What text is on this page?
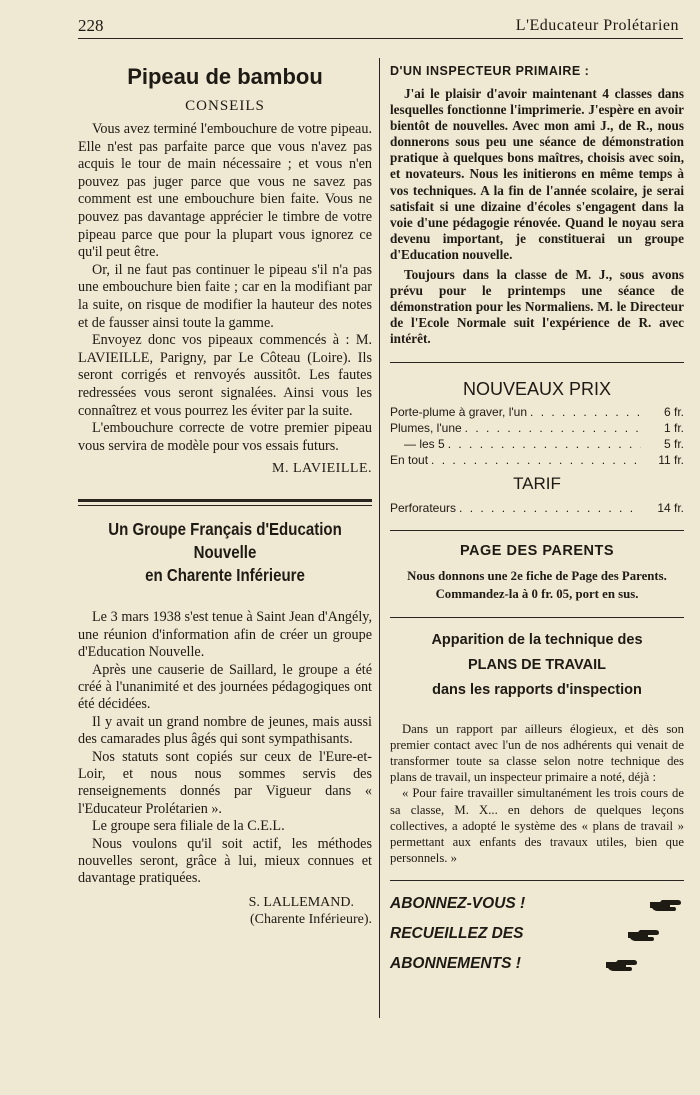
228	L'Educateur Prolétarien
Pipeau de bambou
CONSEILS

Vous avez terminé l'embouchure de votre pipeau. Elle n'est pas parfaite parce que vous n'avez pas acquis le tour de main nécessaire ; et vous n'en pouvez pas juger parce que vous ne savez pas comment est une embouchure bien faite. Vous ne pouvez pas davantage apprécier le timbre de votre pipeau parce que pour la plupart vous ignorez ce qu'il peut être.

Or, il ne faut pas continuer le pipeau s'il n'a pas une embouchure bien faite ; car en la modifiant par la suite, on risque de modifier la hauteur des notes et de fausser ainsi toute la gamme.

Envoyez donc vos pipeaux commencés à : M. LAVIEILLE, Parigny, par Le Côteau (Loire). Ils seront corrigés et renvoyés aussitôt. Les fautes redressées vous seront signalées. Ainsi vous les connaîtrez et vous pourrez les éviter par la suite.

L'embouchure correcte de votre premier pipeau vous servira de modèle pour vos essais futurs.

M. LAVIEILLE.
Un Groupe Français d'Education Nouvelle
en Charente Inférieure

Le 3 mars 1938 s'est tenue à Saint Jean d'Angély, une réunion d'information afin de créer un groupe d'Education Nouvelle.

Après une causerie de Saillard, le groupe a été créé à l'unanimité et des journées pédagogiques ont été décidées.

Il y avait un grand nombre de jeunes, mais aussi des camarades plus âgés qui sont sympathisants.

Nos statuts sont copiés sur ceux de l'Eure-et-Loir, et nous nous sommes servis des renseignements donnés par Vigueur dans « l'Educateur Prolétarien ».

Le groupe sera filiale de la C.E.L.

Nous voulons qu'il soit actif, les méthodes nouvelles seront, grâce à lui, mieux connues et davantage pratiquées.

S. LALLEMAND.
(Charente Inférieure).
D'UN INSPECTEUR PRIMAIRE :

J'ai le plaisir d'avoir maintenant 4 classes dans lesquelles fonctionne l'imprimerie. J'espère en avoir bientôt de nouvelles. Avec mon ami J., de R., nous donnerons sous peu une séance de démonstration pratique à quelques bons maîtres, choisis avec soin, et novateurs. Nous les initierons en même temps à vos techniques. A la fin de l'année scolaire, je serai satisfait si une dizaine d'écoles s'engagent dans la voie d'une pédagogie rénovée. Quand le noyau sera devenu important, je constituerai un groupe d'Education nouvelle.

Toujours dans la classe de M. J., sous avons prévu pour le printemps une séance de démonstration pour les Normaliens. M. le Directeur de l'Ecole Normale suit l'expérience de R. avec intérêt.

NOUVEAUX PRIX
Porte-plume à graver, l'un . . .	6 fr.
Plumes, l'une . . .	1 fr.
— les 5 . . .	5 fr.
En tout . . .	11 fr.
TARIF
Perforateurs . . .	14 fr.
PAGE DES PARENTS
Nous donnons une 2e fiche de Page des Parents. Commandez-la à 0 fr. 05, port en sus.
Apparition de la technique des
PLANS DE TRAVAIL
dans les rapports d'inspection

Dans un rapport par ailleurs élogieux, et dès son premier contact avec l'un de nos adhérents qui venait de transformer toute sa classe selon notre technique des plans de travail, un inspecteur primaire a noté, déjà :

« Pour faire travailler simultanément les trois cours de sa classe, M. X... en dehors de quelques leçons collectives, a adopté le système des « plans de travail » permettant aux enfants des travaux utiles, bien que personnels. »

ABONNEZ-VOUS !
RECUEILLEZ DES
ABONNEMENTS !
